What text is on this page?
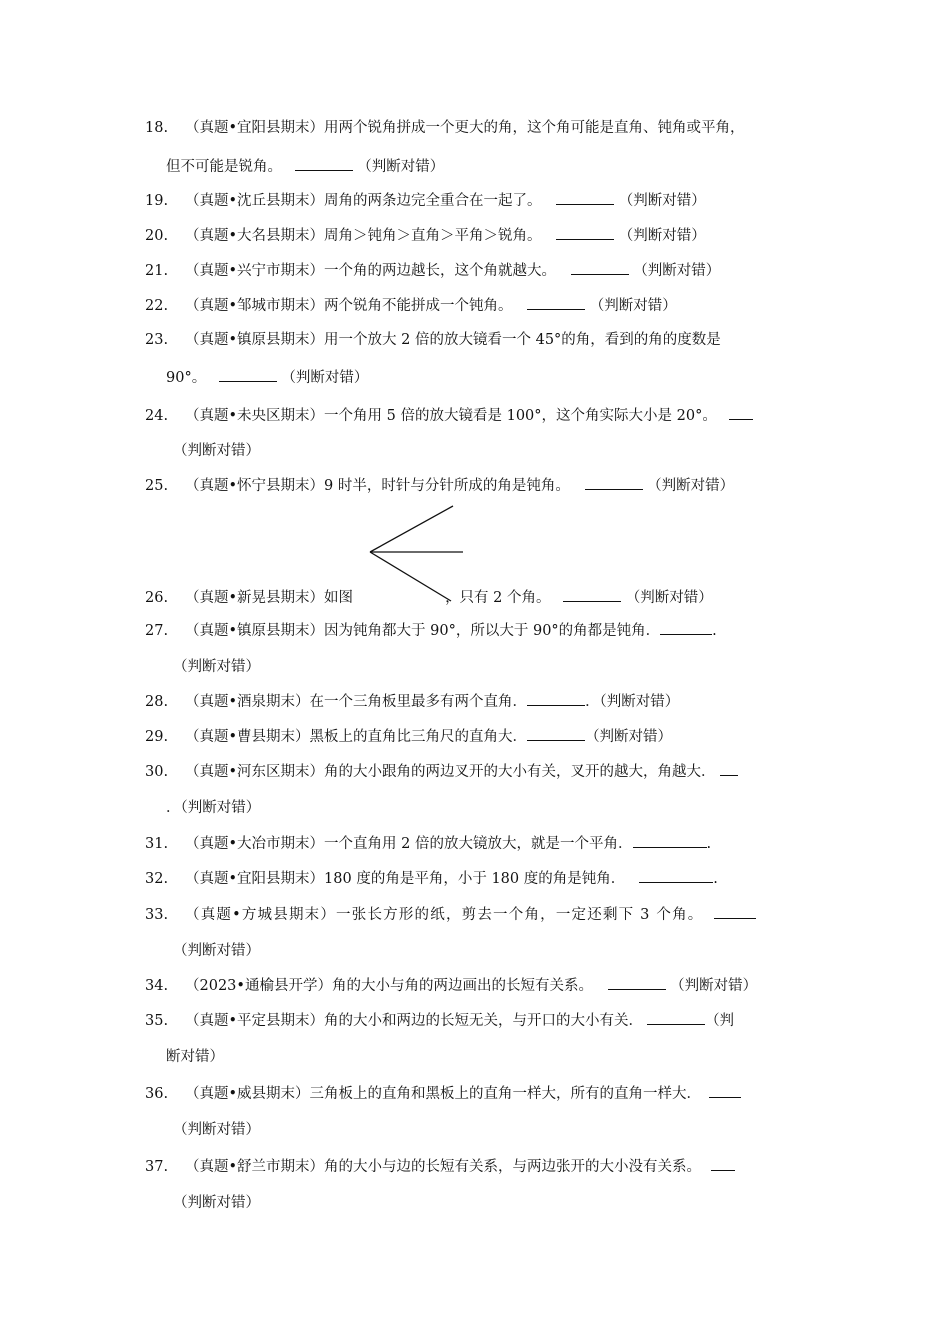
18. （真题•宜阳县期末）用两个锐角拼成一个更大的角，这个角可能是直角、钝角或平角，
但不可能是锐角。	（判断对错）
19. （真题•沈丘县期末）周角的两条边完全重合在一起了。	（判断对错）
20. （真题•大名县期末）周角＞钝角＞直角＞平角＞锐角。	（判断对错）
21. （真题•兴宁市期末）一个角的两边越长，这个角就越大。	（判断对错）
22. （真题•邹城市期末）两个锐角不能拼成一个钝角。	（判断对错）
23. （真题•镇原县期末）用一个放大 2 倍的放大镜看一个 45°的角，看到的角的度数是
90°。	（判断对错）
24. （真题•未央区期末）一个角用 5 倍的放大镜看是 100°，这个角实际大小是 20°。
（判断对错）
25. （真题•怀宁县期末）9 时半，时针与分针所成的角是钝角。	（判断对错）
26. （真题•新晃县期末）如图	，只有 2 个角。	（判断对错）
27. （真题•镇原县期末）因为钝角都大于 90°，所以大于 90°的角都是钝角．	.
（判断对错）
28. （真题•酒泉期末）在一个三角板里最多有两个直角．	．（判断对错）
29. （真题•曹县期末）黑板上的直角比三角尺的直角大．	（判断对错）
30. （真题•河东区期末）角的大小跟角的两边叉开的大小有关，叉开的越大，角越大．
．（判断对错）
31. （真题•大冶市期末）一个直角用 2 倍的放大镜放大，就是一个平角．	.
32. （真题•宜阳县期末）180 度的角是平角，小于 180 度的角是钝角．	.
33. （真题•方城县期末）一张长方形的纸，剪去一个角，一定还剩下 3 个角。
（判断对错）
34. （2023•通榆县开学）角的大小与角的两边画出的长短有关系。	（判断对错）
35. （真题•平定县期末）角的大小和两边的长短无关，与开口的大小有关．	（判
断对错）
36. （真题•威县期末）三角板上的直角和黑板上的直角一样大，所有的直角一样大．
（判断对错）
37. （真题•舒兰市期末）角的大小与边的长短有关系，与两边张开的大小没有关系。
（判断对错）
